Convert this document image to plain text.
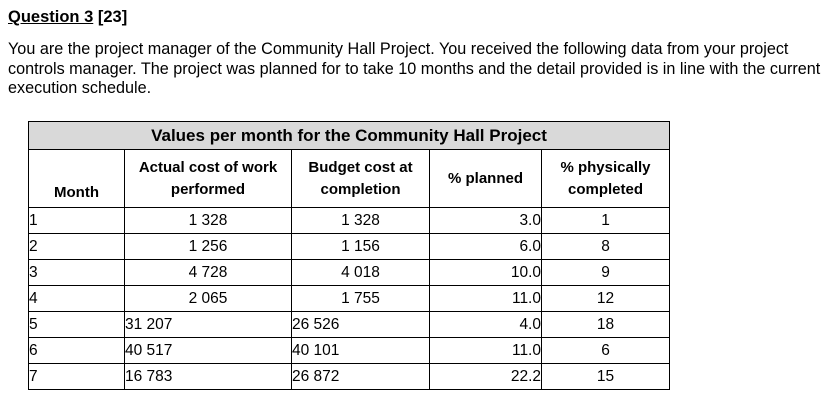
Question 3 [23]
You are the project manager of the Community Hall Project. You received the following data from your project controls manager. The project was planned for to take 10 months and the detail provided is in line with the current execution schedule.
Values per month for the Community Hall Project				
Month	Actual cost of work performed	Budget cost at completion	% planned	% physically completed
1	1 328	1 328	3.0	1
2	1 256	1 156	6.0	8
3	4 728	4 018	10.0	9
4	2 065	1 755	11.0	12
5	31 207	26 526	4.0	18
6	40 517	40 101	11.0	6
7	16 783	26 872	22.2	15
